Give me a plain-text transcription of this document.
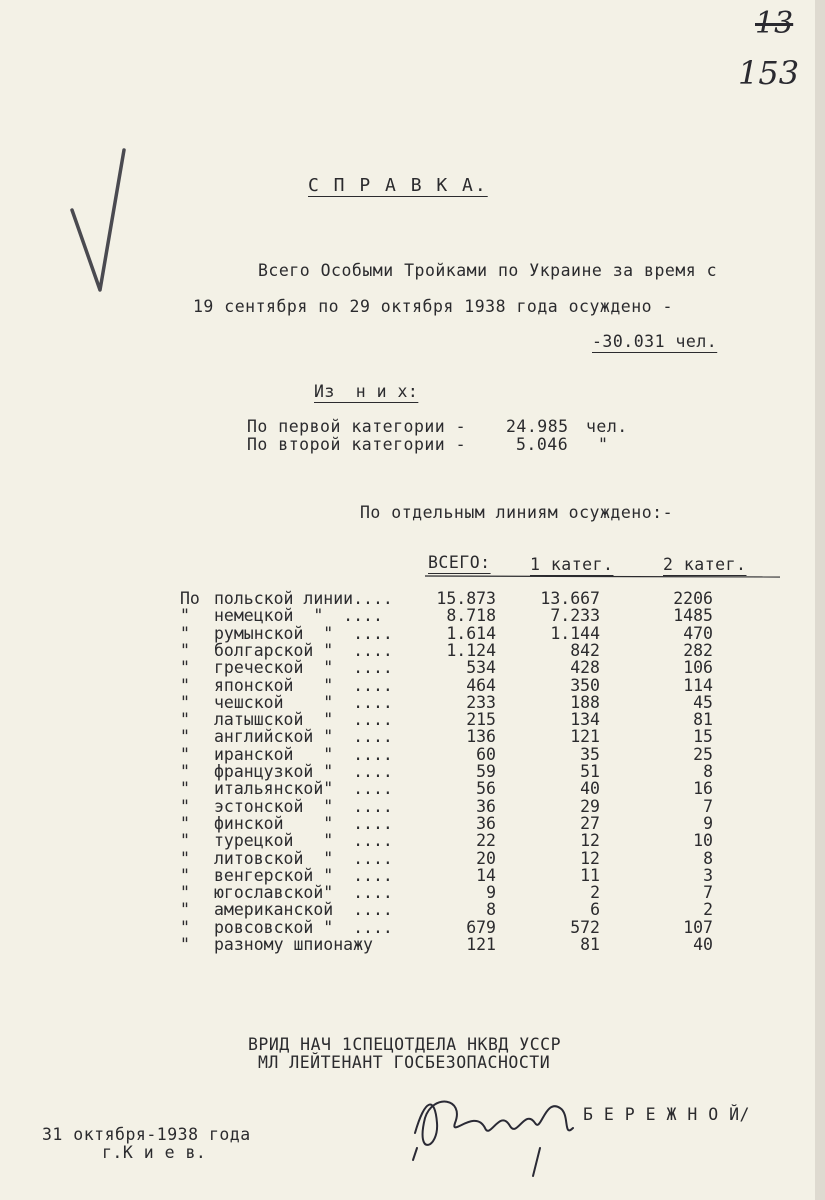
13
153
С П Р А В К А.
Всего Особыми Тройками по Украине за время с
19 сентября по 29 октября 1938 года осуждено -
-30.031 чел.
Из  н и х:
По первой категории - 24.985 чел.
По второй категории -	5.046 "
По отдельным линиям осуждено:-
ВСЕГО: 1 катег.	2 катег.
По польской линии....	15.873	13.667	2206
" немецкой  "  ....	8.718	7.233	1485
" румынской  "  ....	1.614	1.144	470
" болгарской "  ....	1.124	842	282
" греческой  "  ....	534	428	106
" японской   "  ....	464	350	114
" чешской    "  ....	233	188	45
" латышской  "  ....	215	134	81
" английской "  ....	136	121	15
" иранской   "  ....	60	35	25
" французкой "  ....	59	51	8
" итальянской"  ....	56	40	16
" эстонской  "  ....	36	29	7
" финской    "  ....	36	27	9
" турецкой   "  ....	22	12	10
" литовской  "  ....	20	12	8
" венгерской "  ....	14	11	3
" югославской"  ....	9	2	7
" американской  ....	8	6	2
" ровсовской "  ....	679	572	107
" разному шпионажу	121	81	40
ВРИД НАЧ 1СПЕЦОТДЕЛА НКВД УССР
МЛ ЛЕЙТЕНАНТ ГОСБЕЗОПАСНОСТИ
Б Е Р Е Ж Н О Й/
31 октября-1938 года
г.К и е в.
